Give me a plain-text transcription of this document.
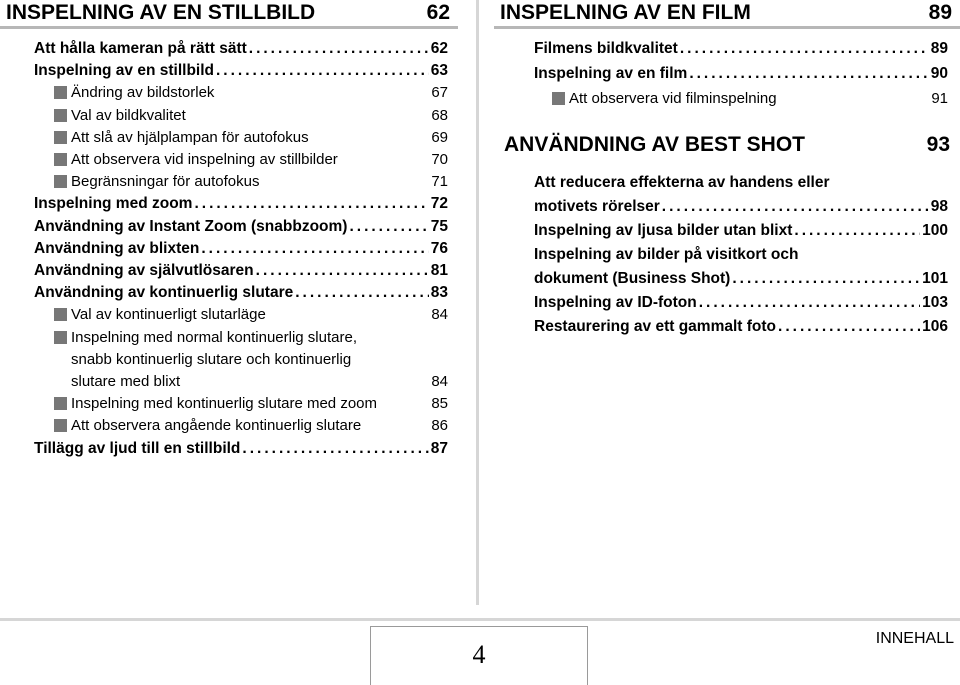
INSPELNING AV EN STILLBILD	62
Att hålla kameran på rätt sätt .....	62
Inspelning av en stillbild .....	63
Ändring av bildstorlek	67
Val av bildkvalitet	68
Att slå av hjälplampan för autofokus	69
Att observera vid inspelning av stillbilder	70
Begränsningar för autofokus	71
Inspelning med zoom .....	72
Användning av Instant Zoom (snabbzoom) .....	75
Användning av blixten .....	76
Användning av självutlösaren .....	81
Användning av kontinuerlig slutare .....	83
Val av kontinuerligt slutarläge	84
Inspelning med normal kontinuerlig slutare,
snabb kontinuerlig slutare och kontinuerlig
slutare med blixt	84
Inspelning med kontinuerlig slutare med zoom	85
Att observera angående kontinuerlig slutare	86
Tillägg av ljud till en stillbild .....	87
INSPELNING AV EN FILM	89
Filmens bildkvalitet .....	89
Inspelning av en film .....	90
Att observera vid filminspelning	91
ANVÄNDNING AV BEST SHOT	93
Att reducera effekterna av handens eller
motivets rörelser .....	98
Inspelning av ljusa bilder utan blixt .....	100
Inspelning av bilder på visitkort och
dokument (Business Shot) .....	101
Inspelning av ID-foton .....	103
Restaurering av ett gammalt foto .....	106
4
INNEHALL
